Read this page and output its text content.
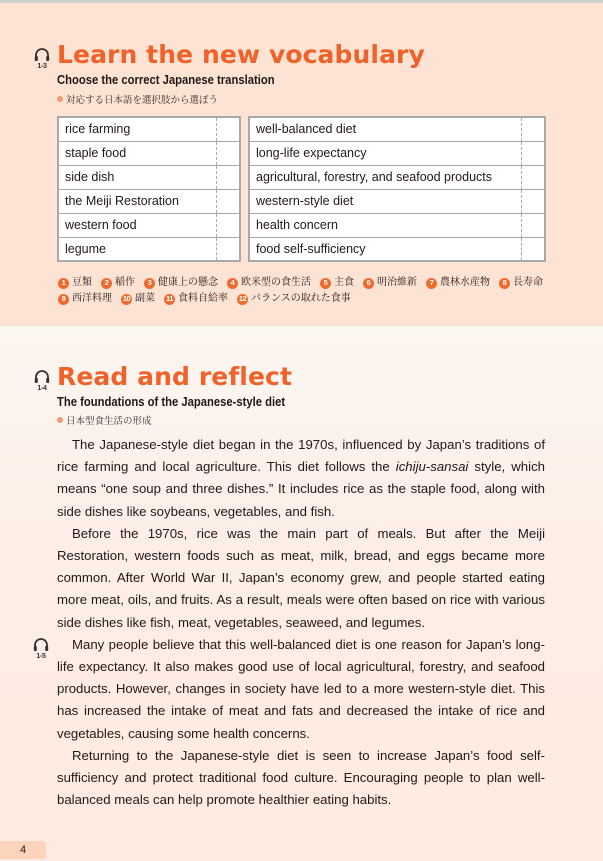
1-3 Learn the new vocabulary
Choose the correct Japanese translation
対応する日本語を選択肢から選ぼう
rice farming	
staple food	
side dish	
the Meiji Restoration	
western food	
legume	
well-balanced diet	
long-life expectancy	
agricultural, forestry, and seafood products	
western-style diet	
health concern	
food self-sufficiency	
1 豆類	2 稲作	3 健康上の懸念	4 欧米型の食生活	5 主食	6 明治維新	7 農林水産物	8 長寿命
9 西洋料理 10 副菜 11 食料自給率 12 バランスの取れた食事
1-4 Read and reflect
The foundations of the Japanese-style diet
日本型食生活の形成
1-5

The Japanese-style diet began in the 1970s, influenced by Japan’s traditions of rice farming and local agriculture. This diet follows the ichiju-sansai style, which means “one soup and three dishes.” It includes rice as the staple food, along with side dishes like soybeans, vegetables, and fish.

Before the 1970s, rice was the main part of meals. But after the Meiji Restoration, western foods such as meat, milk, bread, and eggs became more common. After World War II, Japan’s economy grew, and people started eating more meat, oils, and fruits. As a result, meals were often based on rice with various side dishes like fish, meat, vegetables, seaweed, and legumes.

Many people believe that this well-balanced diet is one reason for Japan’s long-life expectancy. It also makes good use of local agricultural, forestry, and seafood products. However, changes in society have led to a more western-style diet. This has increased the intake of meat and fats and decreased the intake of rice and vegetables, causing some health concerns.

Returning to the Japanese-style diet is seen to increase Japan’s food self-sufficiency and protect traditional food culture. Encouraging people to plan well-balanced meals can help promote healthier eating habits.

4
